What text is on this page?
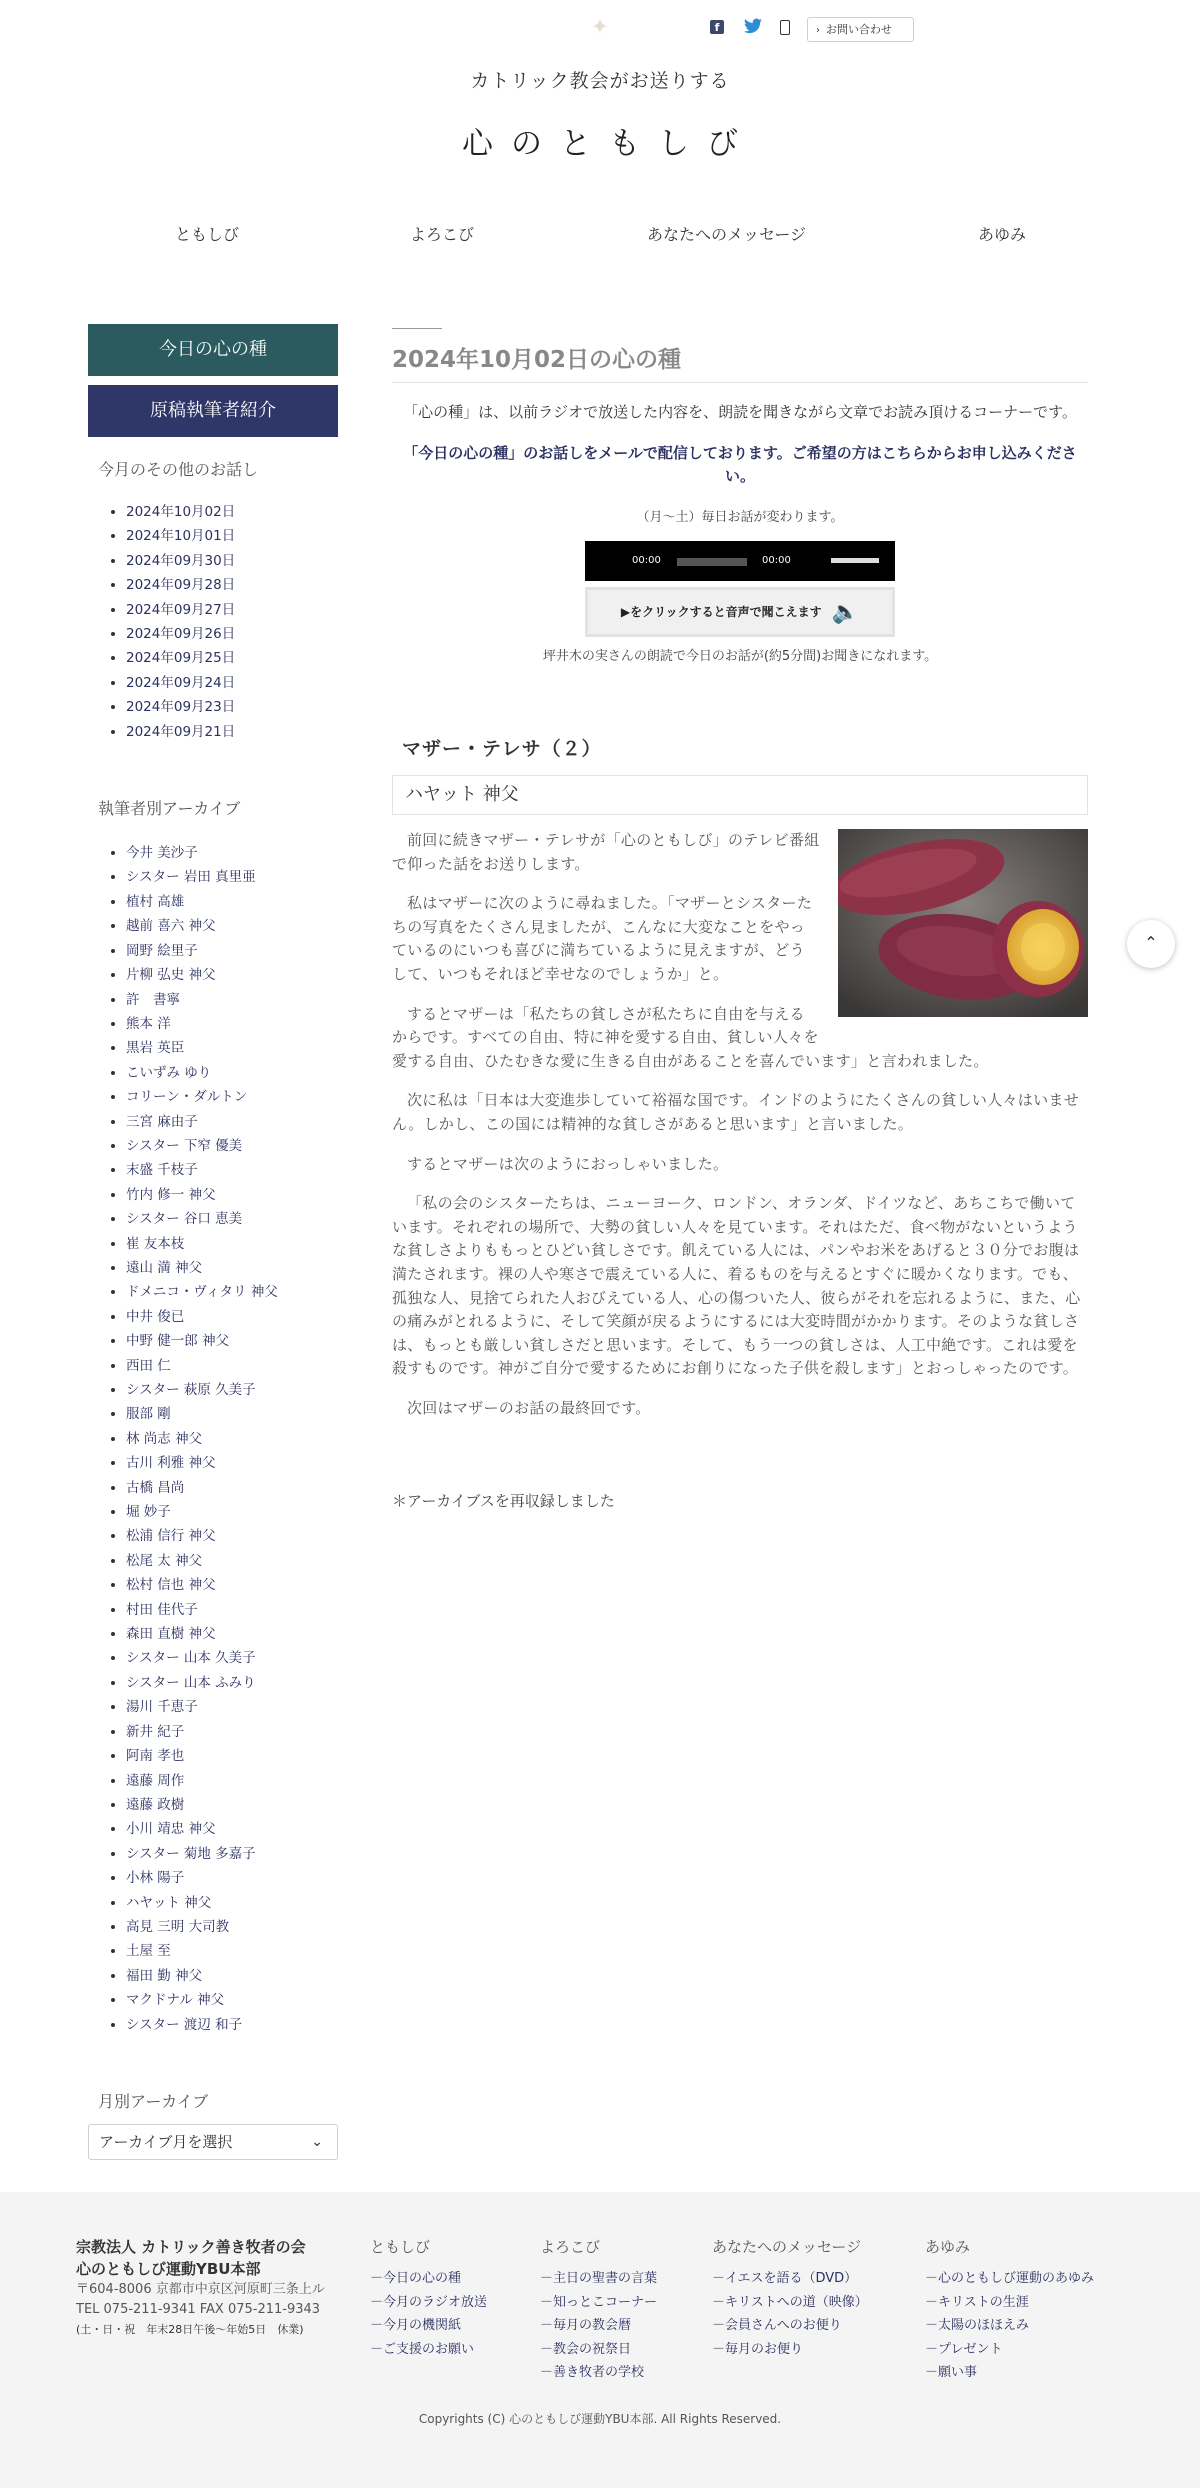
✦	f	› お問い合わせ
カトリック教会がお送りする
心のともしび
ともしび	よろこび	あなたへのメッセージ	あゆみ
今日の心の種
原稿執筆者紹介
今月のその他のお話し
• 2024年10月02日
• 2024年10月01日
• 2024年09月30日
• 2024年09月28日
• 2024年09月27日
• 2024年09月26日
• 2024年09月25日
• 2024年09月24日
• 2024年09月23日
• 2024年09月21日
執筆者別アーカイブ
• 今井 美沙子
• シスター 岩田 真里亜
• 植村 高雄
• 越前 喜六 神父
• 岡野 絵里子
• 片柳 弘史 神父
• 許　書寧
• 熊本 洋
• 黒岩 英臣
• こいずみ ゆり
• コリーン・ダルトン
• 三宮 麻由子
• シスター 下窄 優美
• 末盛 千枝子
• 竹内 修一 神父
• シスター 谷口 恵美
• 崔 友本枝
• 遠山 満 神父
• ドメニコ・ヴィタリ 神父
• 中井 俊已
• 中野 健一郎 神父
• 西田 仁
• シスター 萩原 久美子
• 服部 剛
• 林 尚志 神父
• 古川 利雅 神父
• 古橋 昌尚
• 堀 妙子
• 松浦 信行 神父
• 松尾 太 神父
• 松村 信也 神父
• 村田 佳代子
• 森田 直樹 神父
• シスター 山本 久美子
• シスター 山本 ふみり
• 湯川 千恵子
• 新井 紀子
• 阿南 孝也
• 遠藤 周作
• 遠藤 政樹
• 小川 靖忠 神父
• シスター 菊地 多嘉子
• 小林 陽子
• ハヤット 神父
• 高見 三明 大司教
• 土屋 至
• 福田 勤 神父
• マクドナル 神父
• シスター 渡辺 和子
月別アーカイブ
アーカイブ月を選択	⌄
2024年10月02日の心の種

「心の種」は、以前ラジオで放送した内容を、朗読を聞きながら文章でお読み頂けるコーナーです。

「今日の心の種」のお話しをメールで配信しております。ご希望の方はこちらからお申し込みください。

（月〜土）毎日お話が変わります。

00:00	00:00
▶をクリックすると音声で聞こえます 🔈

坪井木の実さんの朗読で今日のお話が(約5分間)お聞きになれます。

マザー・テレサ（２）
ハヤット 神父

前回に続きマザー・テレサが「心のともしび」のテレビ番組で仰った話をお送りします。

私はマザーに次のように尋ねました。「マザーとシスターたちの写真をたくさん見ましたが、こんなに大変なことをやっているのにいつも喜びに満ちているように見えますが、どうして、いつもそれほど幸せなのでしょうか」と。

するとマザーは「私たちの貧しさが私たちに自由を与えるからです。すべての自由、特に神を愛する自由、貧しい人々を愛する自由、ひたむきな愛に生きる自由があることを喜んでいます」と言われました。

次に私は「日本は大変進歩していて裕福な国です。インドのようにたくさんの貧しい人々はいません。しかし、この国には精神的な貧しさがあると思います」と言いました。

するとマザーは次のようにおっしゃいました。

「私の会のシスターたちは、ニューヨーク、ロンドン、オランダ、ドイツなど、あちこちで働いています。それぞれの場所で、大勢の貧しい人々を見ています。それはただ、食べ物がないというような貧しさよりももっとひどい貧しさです。飢えている人には、パンやお米をあげると３０分でお腹は満たされます。裸の人や寒さで震えている人に、着るものを与えるとすぐに暖かくなります。でも、孤独な人、見捨てられた人おびえている人、心の傷ついた人、彼らがそれを忘れるように、また、心の痛みがとれるように、そして笑顔が戻るようにするには大変時間がかかります。そのような貧しさは、もっとも厳しい貧しさだと思います。そして、もう一つの貧しさは、人工中絶です。これは愛を殺すものです。神がご自分で愛するためにお創りになった子供を殺します」とおっしゃったのです。

次回はマザーのお話の最終回です。

＊アーカイブスを再収録しました

⌃
宗教法人 カトリック善き牧者の会
心のともしび運動YBU本部
〒604-8006 京都市中京区河原町三条上ル
TEL 075-211-9341 FAX 075-211-9343
(土・日・祝　年末28日午後〜年始5日　休業)
ともしび
－今日の心の種
－今月のラジオ放送
－今月の機関紙
－ご支援のお願い
よろこび
－主日の聖書の言葉
－知っとこコーナー
－毎月の教会暦
－教会の祝祭日
－善き牧者の学校
あなたへのメッセージ
－イエスを語る（DVD）
－キリストへの道（映像）
－会員さんへのお便り
－毎月のお便り
あゆみ
－心のともしび運動のあゆみ
－キリストの生涯
－太陽のほほえみ
－プレゼント
－願い事
Copyrights (C) 心のともしび運動YBU本部. All Rights Reserved.
